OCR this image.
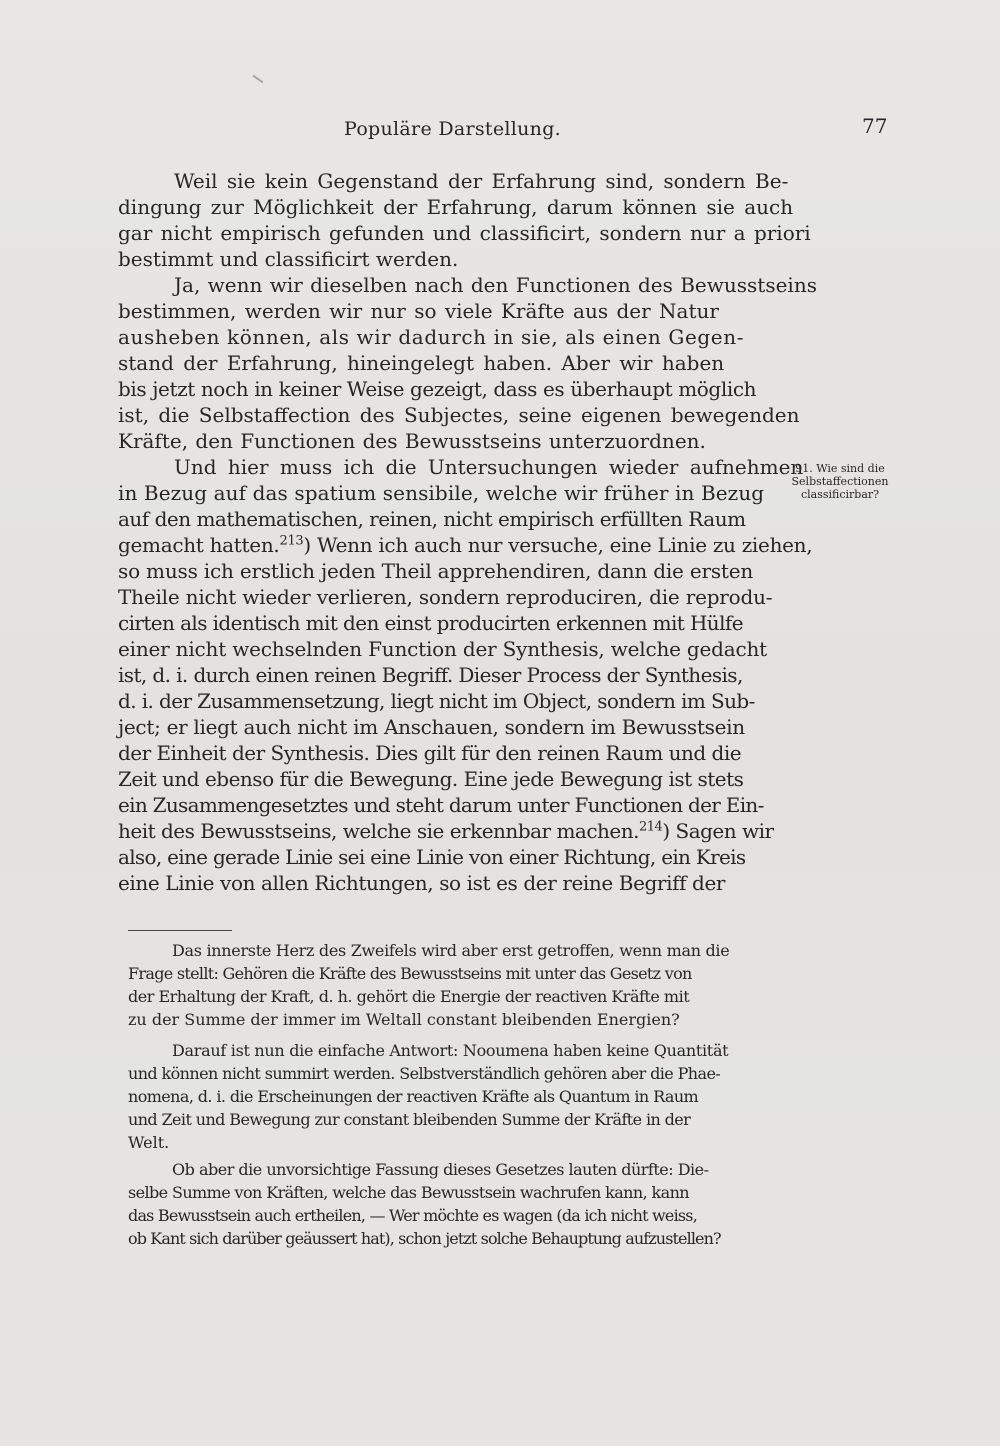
Populäre Darstellung.	77
Weil sie kein Gegenstand der Erfahrung sind, sondern Be-
dingung zur Möglichkeit der Erfahrung, darum können sie auch
gar nicht empirisch gefunden und classificirt, sondern nur a priori
bestimmt und classificirt werden.
Ja, wenn wir dieselben nach den Functionen des Bewusstseins
bestimmen, werden wir nur so viele Kräfte aus der Natur
ausheben können, als wir dadurch in sie, als einen Gegen-
stand der Erfahrung, hineingelegt haben. Aber wir haben
bis jetzt noch in keiner Weise gezeigt, dass es überhaupt möglich
ist, die Selbstaffection des Subjectes, seine eigenen bewegenden
Kräfte, den Functionen des Bewusstseins unterzuordnen.
Und hier muss ich die Untersuchungen wieder aufnehmen
in Bezug auf das spatium sensibile, welche wir früher in Bezug
auf den mathematischen, reinen, nicht empirisch erfüllten Raum
gemacht hatten.$^{213}$) Wenn ich auch nur versuche, eine Linie zu ziehen,
so muss ich erstlich jeden Theil apprehendiren, dann die ersten
Theile nicht wieder verlieren, sondern reproduciren, die reprodu-
cirten als identisch mit den einst producirten erkennen mit Hülfe
einer nicht wechselnden Function der Synthesis, welche gedacht
ist, d. i. durch einen reinen Begriff. Dieser Process der Synthesis,
d. i. der Zusammensetzung, liegt nicht im Object, sondern im Sub-
ject; er liegt auch nicht im Anschauen, sondern im Bewusstsein
der Einheit der Synthesis. Dies gilt für den reinen Raum und die
Zeit und ebenso für die Bewegung. Eine jede Bewegung ist stets
ein Zusammengesetztes und steht darum unter Functionen der Ein-
heit des Bewusstseins, welche sie erkennbar machen.$^{214}$) Sagen wir
also, eine gerade Linie sei eine Linie von einer Richtung, ein Kreis
eine Linie von allen Richtungen, so ist es der reine Begriff der
91. Wie sind die
Selbstaffectionen
classificirbar?
Das innerste Herz des Zweifels wird aber erst getroffen, wenn man die
Frage stellt: Gehören die Kräfte des Bewusstseins mit unter das Gesetz von
der Erhaltung der Kraft, d. h. gehört die Energie der reactiven Kräfte mit
zu der Summe der immer im Weltall constant bleibenden Energien?
Darauf ist nun die einfache Antwort: Nooumena haben keine Quantität
und können nicht summirt werden. Selbstverständlich gehören aber die Phae-
nomena, d. i. die Erscheinungen der reactiven Kräfte als Quantum in Raum
und Zeit und Bewegung zur constant bleibenden Summe der Kräfte in der
Welt.
Ob aber die unvorsichtige Fassung dieses Gesetzes lauten dürfte: Die-
selbe Summe von Kräften, welche das Bewusstsein wachrufen kann, kann
das Bewusstsein auch ertheilen, — Wer möchte es wagen (da ich nicht weiss,
ob Kant sich darüber geäussert hat), schon jetzt solche Behauptung aufzustellen?
